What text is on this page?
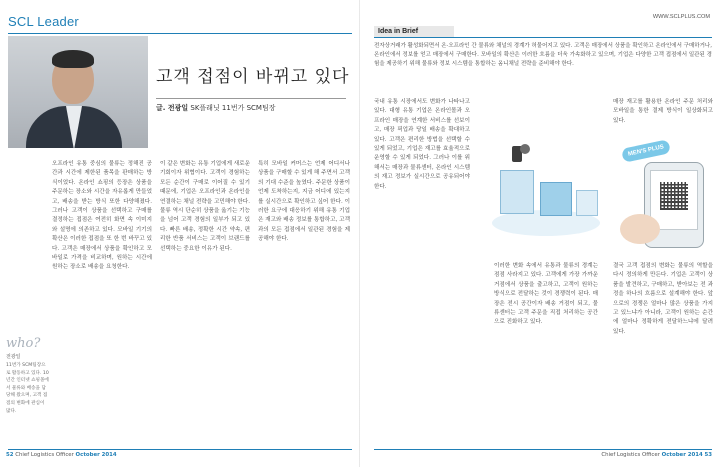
SCL Leader
고객 접점이 바뀌고 있다
글. 전광일 SK플래닛 11번가 SCM팀장

오프라인 유통 중심의 물류는 정해진 공간과 시간에 제한된 품목을 판매하는 방식이었다. 온라인 쇼핑의 등장은 상품을 주문하는 장소와 시간을 자유롭게 만들었고, 배송을 받는 방식 또한 다양해졌다. 그러나 고객이 상품을 선택하고 구매를 결정하는 접점은 여전히 화면 속 이미지와 설명에 의존하고 있다. 모바일 기기의 확산은 이러한 접점을 또 한 번 바꾸고 있다. 고객은 매장에서 상품을 확인하고 모바일로 가격을 비교하며, 원하는 시간에 원하는 장소로 배송을 요청한다.

이 같은 변화는 유통 기업에게 새로운 기회이자 위협이다. 고객이 경험하는 모든 순간이 구매로 이어질 수 있기 때문에, 기업은 오프라인과 온라인을 연결하는 채널 전략을 고민해야 한다. 물류 역시 단순히 상품을 옮기는 기능을 넘어 고객 경험의 일부가 되고 있다. 빠른 배송, 정확한 시간 약속, 편리한 반품 서비스는 고객이 브랜드를 선택하는 중요한 이유가 된다.

특히 모바일 커머스는 언제 어디서나 상품을 구매할 수 있게 해 주면서 고객의 기대 수준을 높였다. 주문한 상품이 언제 도착하는지, 지금 어디에 있는지를 실시간으로 확인하고 싶어 한다. 이러한 요구에 대응하기 위해 유통 기업은 재고와 배송 정보를 통합하고, 고객과의 모든 접점에서 일관된 경험을 제공해야 한다.

who?
전광일
11번가 SCM팀장으로 활동하고 있다. 10년간 인터넷 쇼핑몰에서 물류와 배송을 담당해 왔으며, 고객 접점의 변화에 관심이 많다.
52 Chief Logistics Officer October 2014
WWW.SCLPLUS.COM
Idea in Brief
전자상거래가 활성화되면서 온·오프라인 간 물류와 채널의 경계가 허물어지고 있다. 고객은 매장에서 상품을 확인하고 온라인에서 구매하거나, 온라인에서 정보를 얻고 매장에서 구매한다. 모바일의 확산은 이러한 흐름을 더욱 가속화하고 있으며, 기업은 다양한 고객 접점에서 일관된 경험을 제공하기 위해 물류와 정보 시스템을 통합하는 옴니채널 전략을 준비해야 한다.

국내 유통 시장에서도 변화가 나타나고 있다. 대형 유통 기업은 온라인몰과 오프라인 매장을 연계한 서비스를 선보이고, 매장 픽업과 당일 배송을 확대하고 있다. 고객은 편리한 방법을 선택할 수 있게 되었고, 기업은 재고를 효율적으로 운영할 수 있게 되었다. 그러나 이를 위해서는 매장과 물류센터, 온라인 시스템의 재고 정보가 실시간으로 공유되어야 한다.

매장 재고를 활용한 온라인 주문 처리와 모바일을 통한 결제 방식이 일상화되고 있다.

MEN'S PLUS

이러한 변화 속에서 유통과 물류의 경계는 점점 사라지고 있다. 고객에게 가장 가까운 거점에서 상품을 출고하고, 고객이 원하는 방식으로 전달하는 것이 경쟁력이 된다. 매장은 전시 공간이자 배송 거점이 되고, 물류센터는 고객 주문을 직접 처리하는 공간으로 진화하고 있다.

결국 고객 접점의 변화는 물류의 역할을 다시 정의하게 만든다. 기업은 고객이 상품을 발견하고, 구매하고, 받아보는 전 과정을 하나의 흐름으로 설계해야 한다. 앞으로의 경쟁은 얼마나 많은 상품을 가지고 있느냐가 아니라, 고객이 원하는 순간에 얼마나 정확하게 전달하느냐에 달려 있다.

Chief Logistics Officer October 2014 53
